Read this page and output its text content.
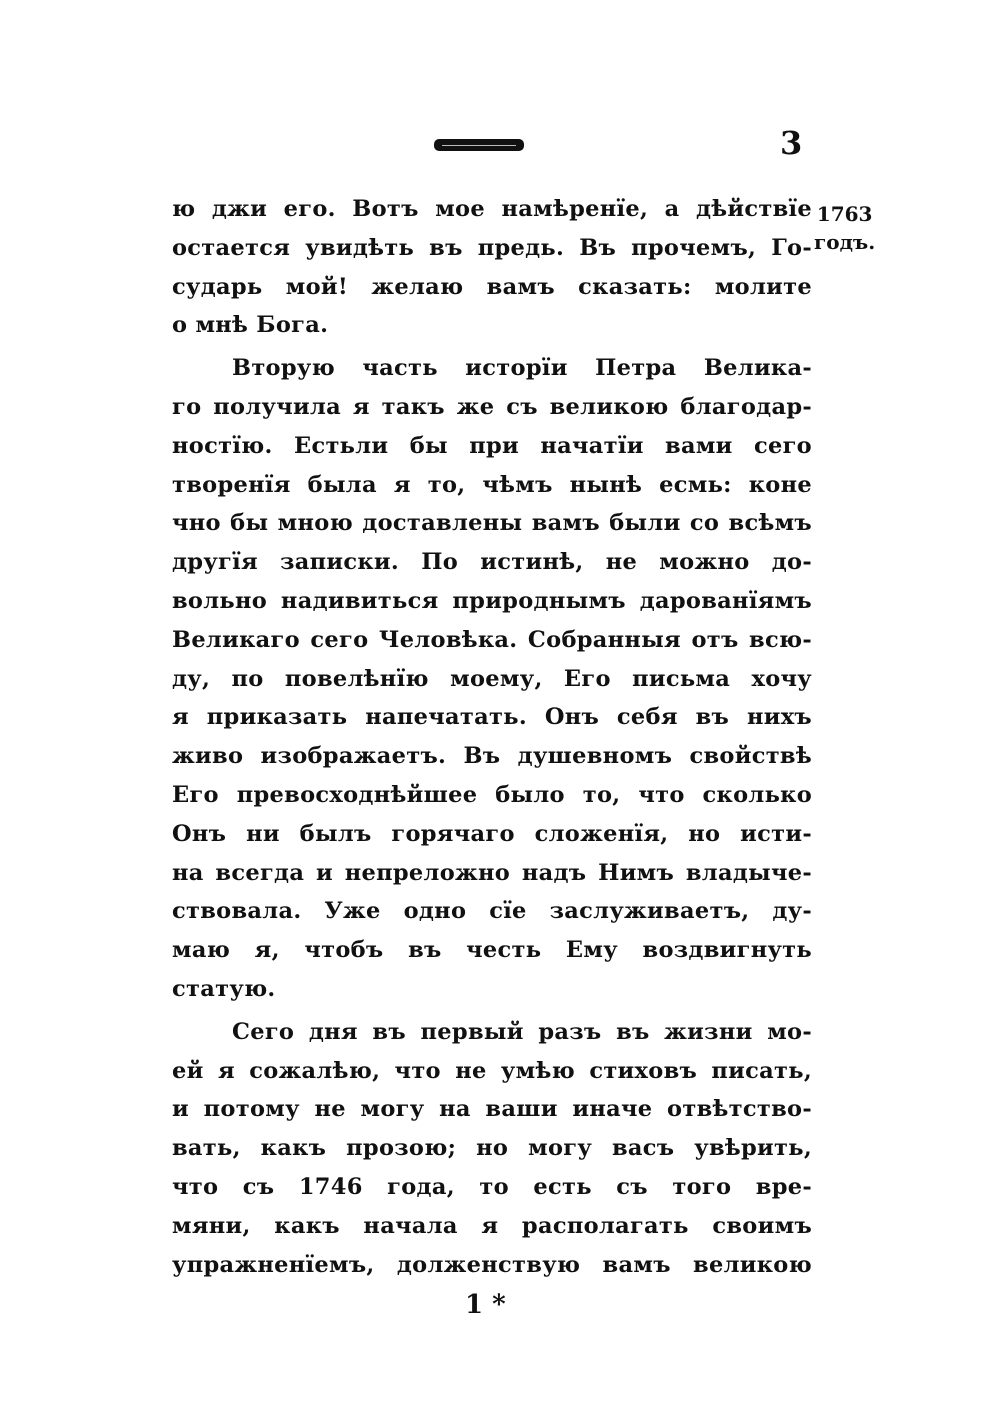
3
1763
годъ.
ю джи его. Вотъ мое намѣренїе, а дѣйствїе
остается увидѣть въ предь. Въ прочемъ, Го-
сударь мой! желаю вамъ сказать: молите
о мнѣ Бога.
Вторую часть исторїи Петра Велика-
го получила я такъ же съ великою благодар-
ностїю. Естьли бы при начатїи вами сего
творенїя была я то, чѣмъ нынѣ есмь: коне
чно бы мною доставлены вамъ были со всѣмъ
другїя записки. По истинѣ, не можно до-
вольно надивиться природнымъ дарованїямъ
Великаго сего Человѣка. Собранныя отъ всю-
ду, по повелѣнїю моему, Его письма хочу
я приказать напечатать. Онъ себя въ нихъ
живо изображаетъ. Въ душевномъ свойствѣ
Его превосходнѣйшее было то, что сколько
Онъ ни былъ горячаго сложенїя, но исти-
на всегда и непреложно надъ Нимъ владыче-
ствовала. Уже одно сїе заслуживаетъ, ду-
маю я, чтобъ въ честь Ему воздвигнуть
статую.
Сего дня въ первый разъ въ жизни мо-
ей я сожалѣю, что не умѣю стиховъ писать,
и потому не могу на ваши иначе отвѣтство-
вать, какъ прозою; но могу васъ увѣрить,
что съ 1746 года, то есть съ того вре-
мяни, какъ начала я располагать своимъ
упражненїемъ, долженствую вамъ великою
1 *
